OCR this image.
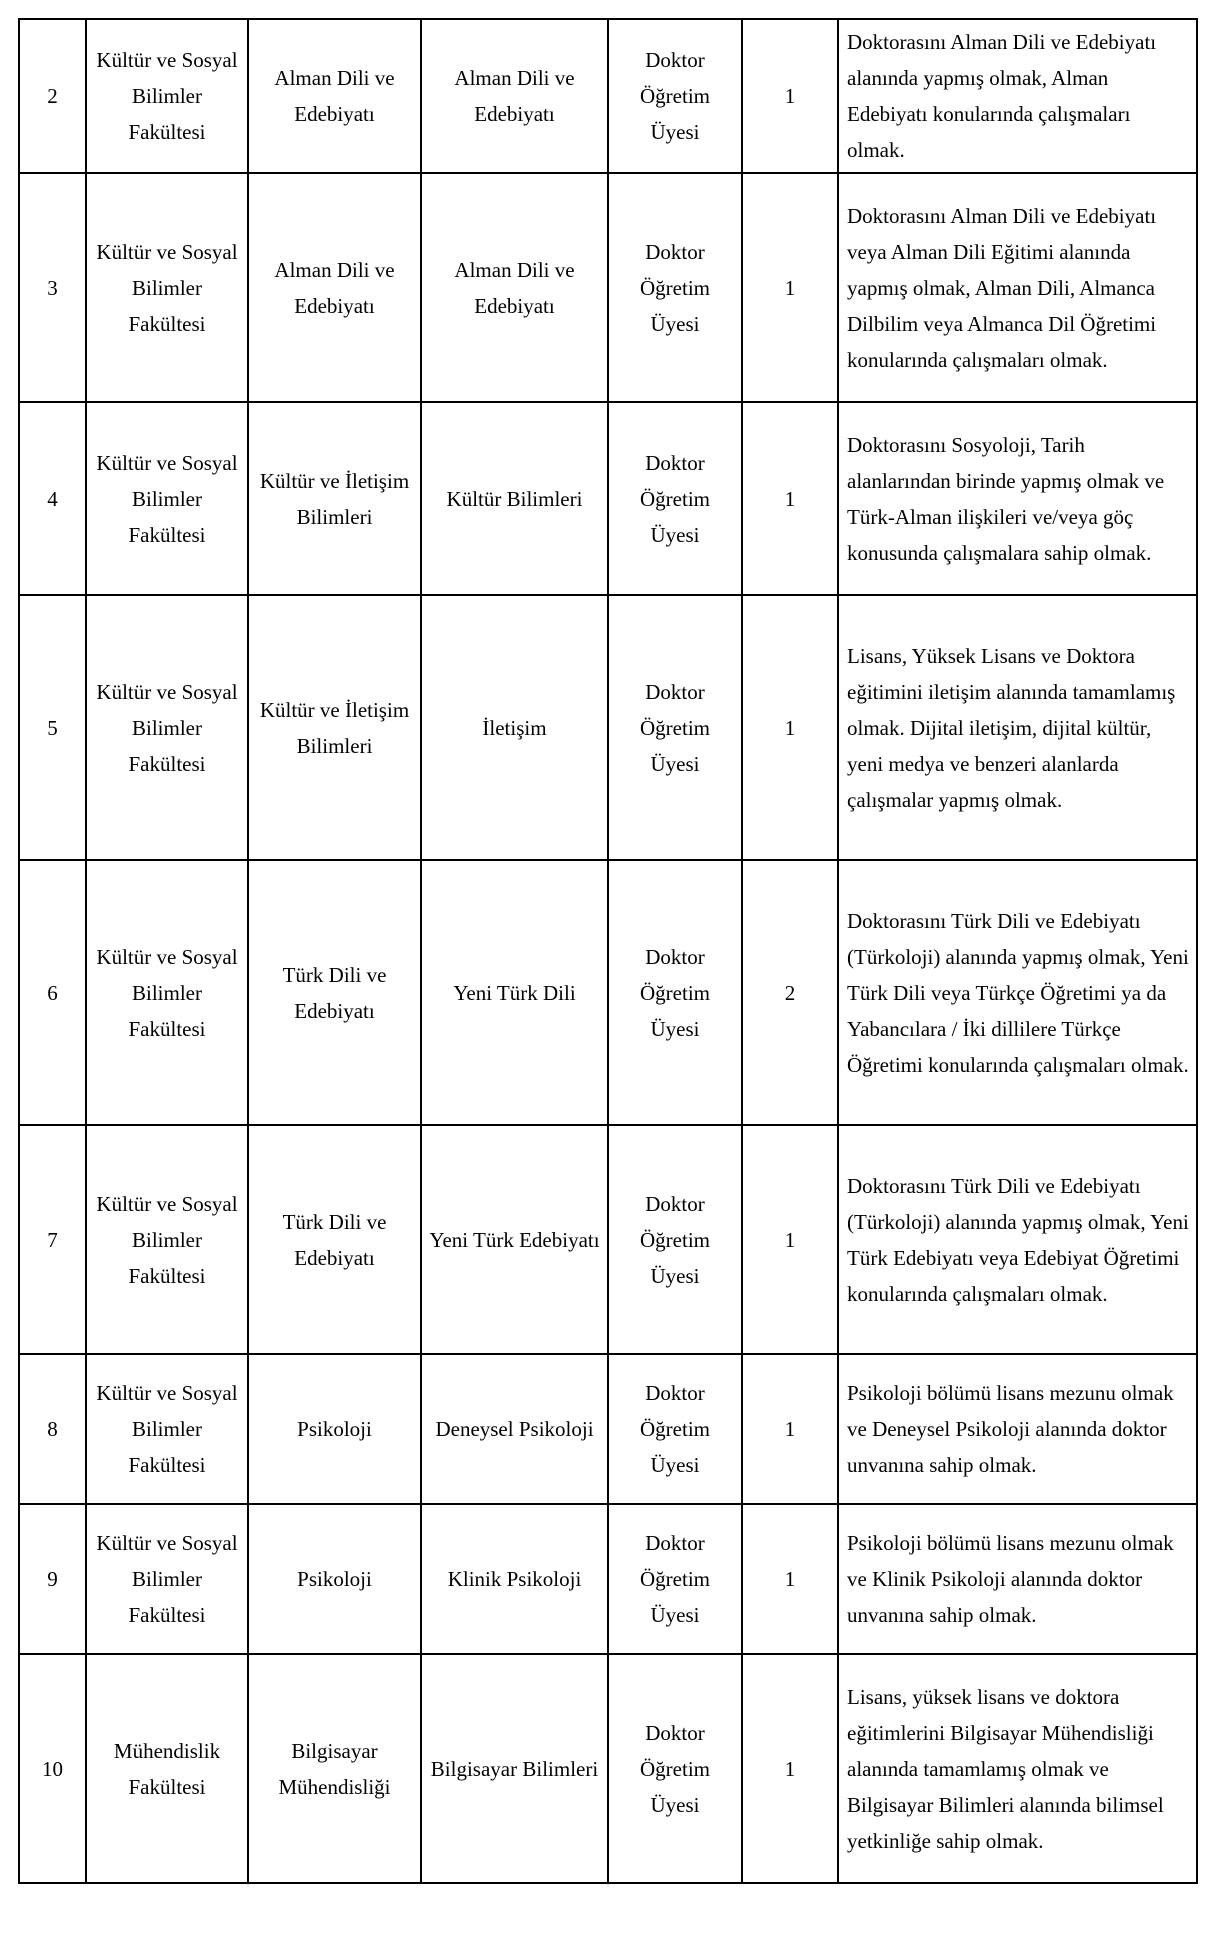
2	Kültür ve Sosyal Bilimler Fakültesi	Alman Dili ve Edebiyatı	Alman Dili ve Edebiyatı	Doktor Öğretim Üyesi	1	Doktorasını Alman Dili ve Edebiyatı alanında yapmış olmak, Alman Edebiyatı konularında çalışmaları olmak.
3	Kültür ve Sosyal Bilimler Fakültesi	Alman Dili ve Edebiyatı	Alman Dili ve Edebiyatı	Doktor Öğretim Üyesi	1	Doktorasını Alman Dili ve Edebiyatı veya Alman Dili Eğitimi alanında yapmış olmak, Alman Dili, Almanca Dilbilim veya Almanca Dil Öğretimi konularında çalışmaları olmak.
4	Kültür ve Sosyal Bilimler Fakültesi	Kültür ve İletişim Bilimleri	Kültür Bilimleri	Doktor Öğretim Üyesi	1	Doktorasını Sosyoloji, Tarih alanlarından birinde yapmış olmak ve Türk-Alman ilişkileri ve/veya göç konusunda çalışmalara sahip olmak.
5	Kültür ve Sosyal Bilimler Fakültesi	Kültür ve İletişim Bilimleri	İletişim	Doktor Öğretim Üyesi	1	Lisans, Yüksek Lisans ve Doktora eğitimini iletişim alanında tamamlamış olmak. Dijital iletişim, dijital kültür, yeni medya ve benzeri alanlarda çalışmalar yapmış olmak.
6	Kültür ve Sosyal Bilimler Fakültesi	Türk Dili ve Edebiyatı	Yeni Türk Dili	Doktor Öğretim Üyesi	2	Doktorasını Türk Dili ve Edebiyatı (Türkoloji) alanında yapmış olmak, Yeni Türk Dili veya Türkçe Öğretimi ya da Yabancılara / İki dillilere Türkçe Öğretimi konularında çalışmaları olmak.
7	Kültür ve Sosyal Bilimler Fakültesi	Türk Dili ve Edebiyatı	Yeni Türk Edebiyatı	Doktor Öğretim Üyesi	1	Doktorasını Türk Dili ve Edebiyatı (Türkoloji) alanında yapmış olmak, Yeni Türk Edebiyatı veya Edebiyat Öğretimi konularında çalışmaları olmak.
8	Kültür ve Sosyal Bilimler Fakültesi	Psikoloji	Deneysel Psikoloji	Doktor Öğretim Üyesi	1	Psikoloji bölümü lisans mezunu olmak ve Deneysel Psikoloji alanında doktor unvanına sahip olmak.
9	Kültür ve Sosyal Bilimler Fakültesi	Psikoloji	Klinik Psikoloji	Doktor Öğretim Üyesi	1	Psikoloji bölümü lisans mezunu olmak ve Klinik Psikoloji alanında doktor unvanına sahip olmak.
10	Mühendislik Fakültesi	Bilgisayar Mühendisliği	Bilgisayar Bilimleri	Doktor Öğretim Üyesi	1	Lisans, yüksek lisans ve doktora eğitimlerini Bilgisayar Mühendisliği alanında tamamlamış olmak ve Bilgisayar Bilimleri alanında bilimsel yetkinliğe sahip olmak.
